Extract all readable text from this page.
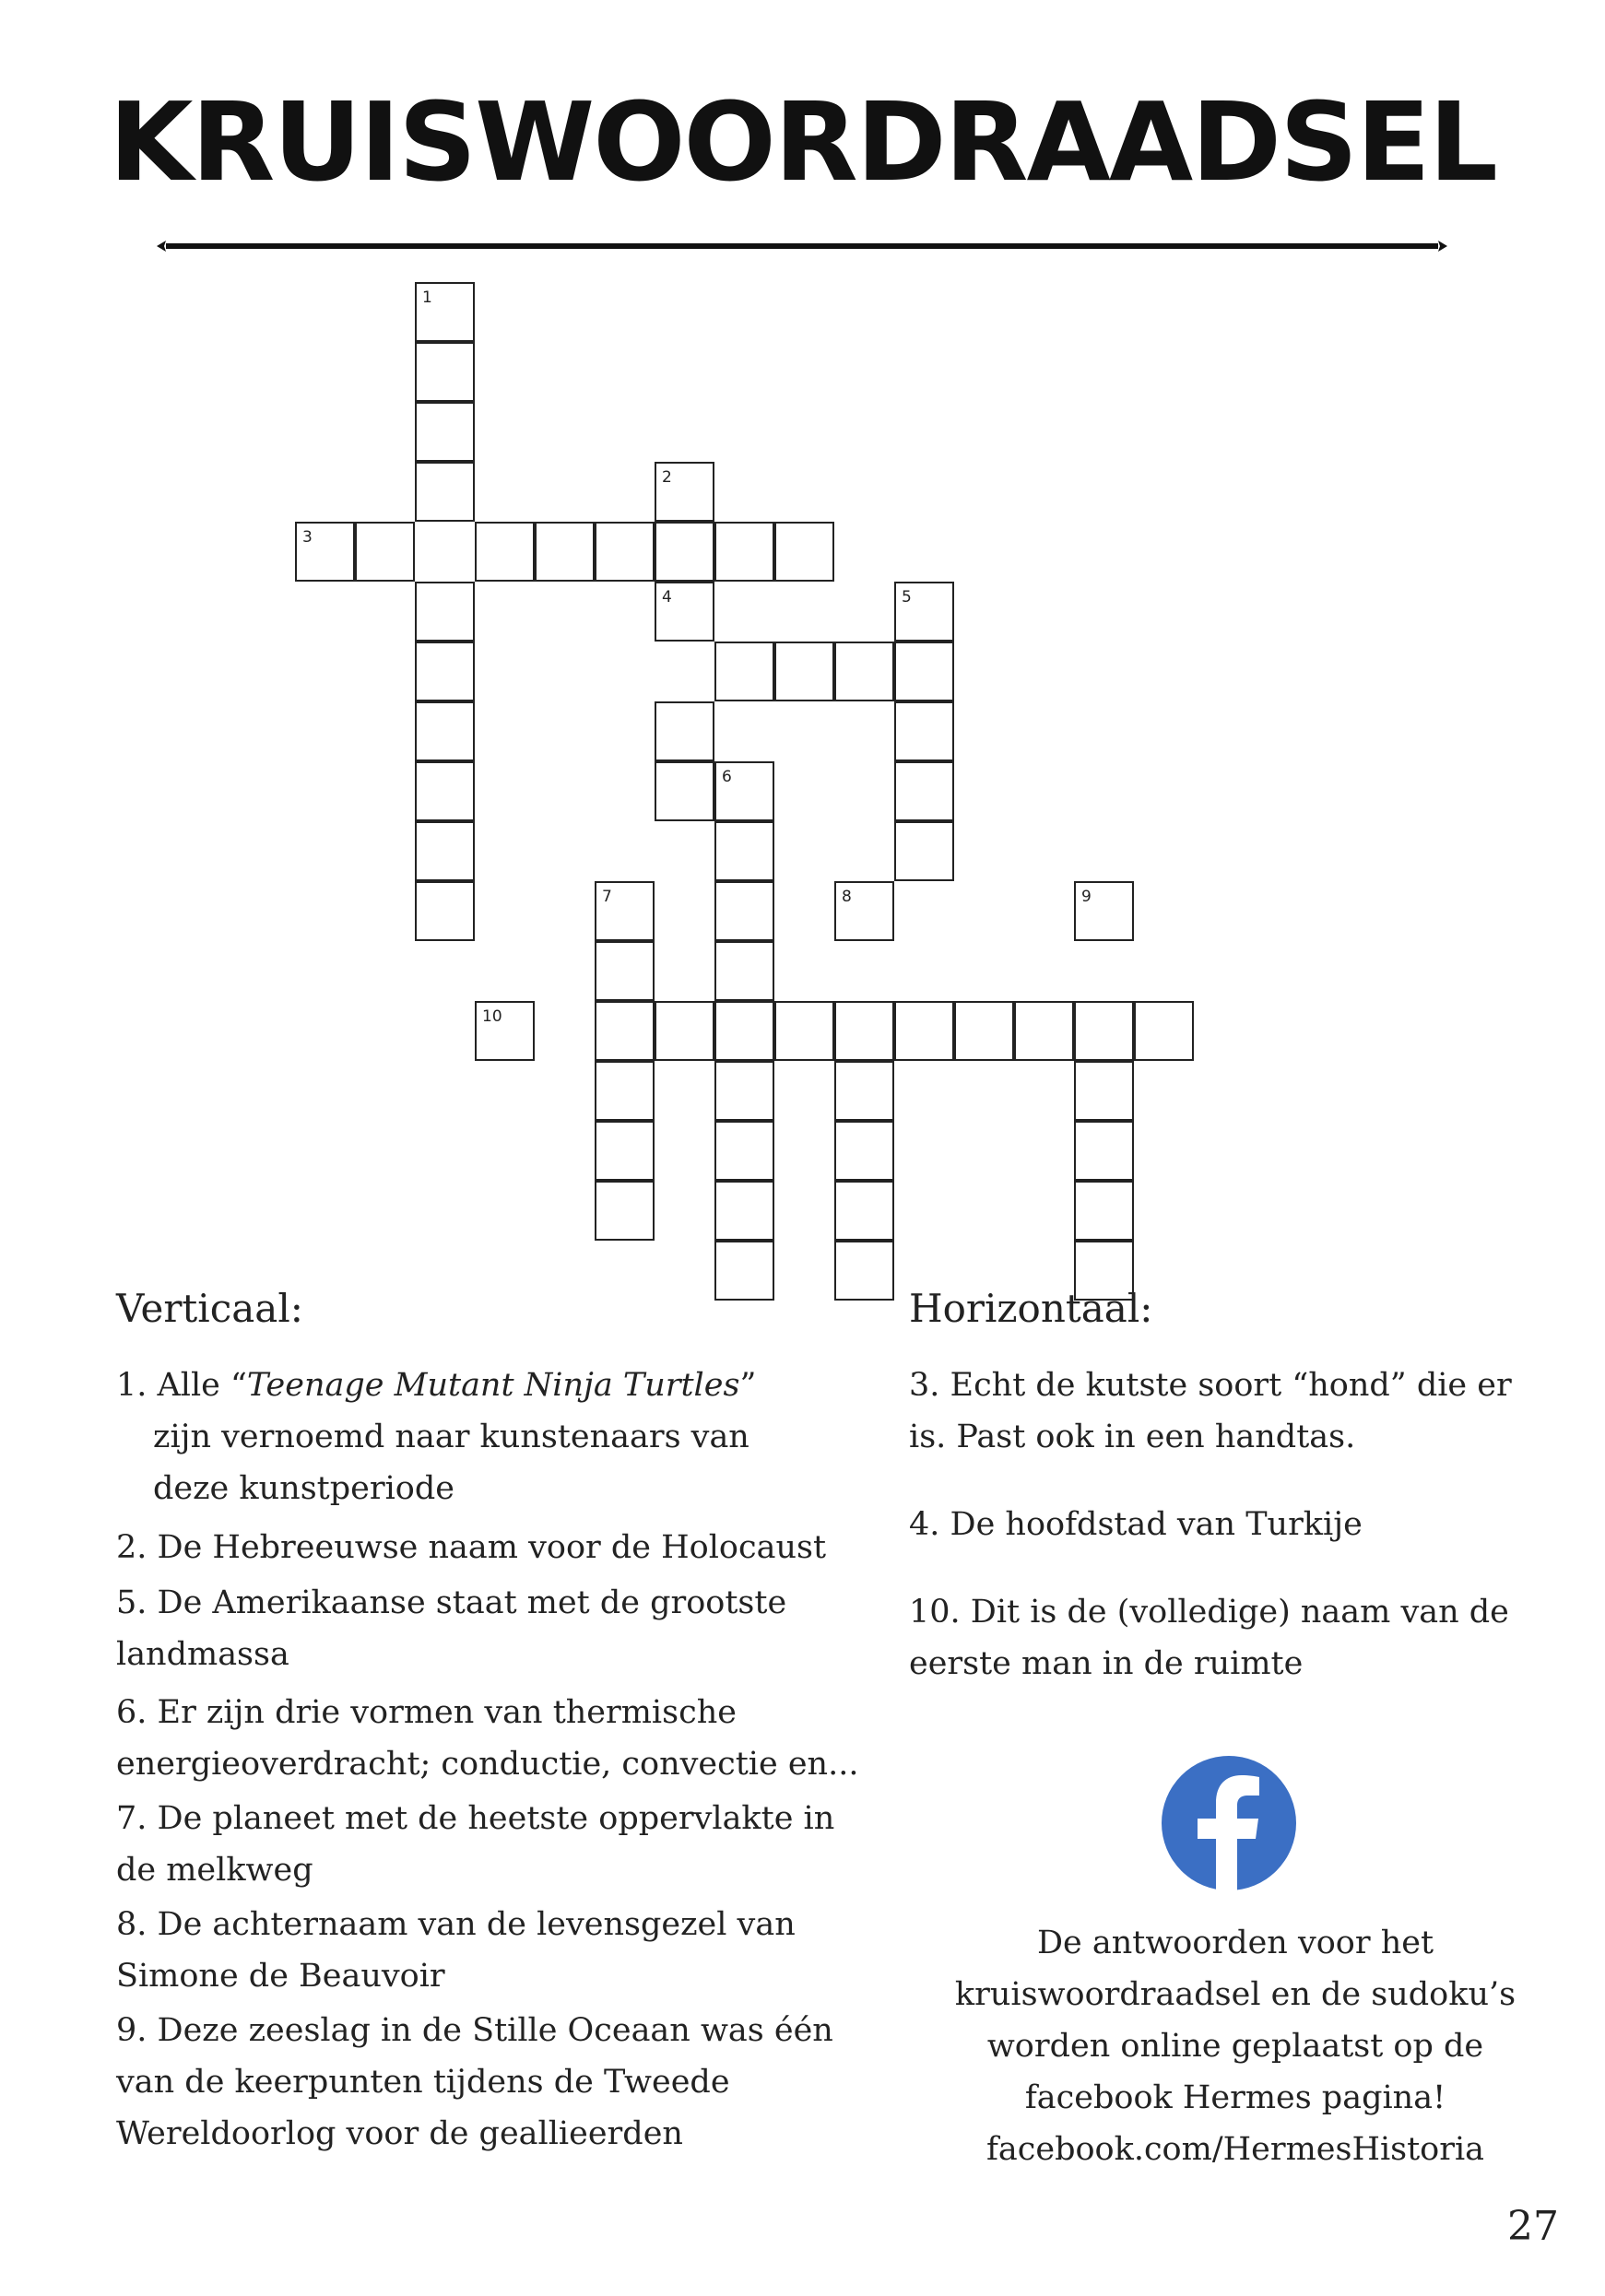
KRUISWOORDRAADSEL
1
3
2
4
10
5
6
7	8	9
Verticaal:	Horizontaal:
1. Alle “Teenage Mutant Ninja Turtles”
zijn vernoemd naar kunstenaars van
deze kunstperiode
2. De Hebreeuwse naam voor de Holocaust
5. De Amerikaanse staat met de grootste
landmassa
6. Er zijn drie vormen van thermische
energieoverdracht; conductie, convectie en...
7. De planeet met de heetste oppervlakte in
de melkweg
8. De achternaam van de levensgezel van
Simone de Beauvoir
9. Deze zeeslag in de Stille Oceaan was één
van de keerpunten tijdens de Tweede
Wereldoorlog voor de geallieerden
3. Echt de kutste soort “hond” die er
is. Past ook in een handtas.
4. De hoofdstad van Turkije
10. Dit is de (volledige) naam van de
eerste man in de ruimte
De antwoorden voor het
kruiswoordraadsel en de sudoku’s
worden online geplaatst op de
facebook Hermes pagina!
facebook.com/HermesHistoria
27
